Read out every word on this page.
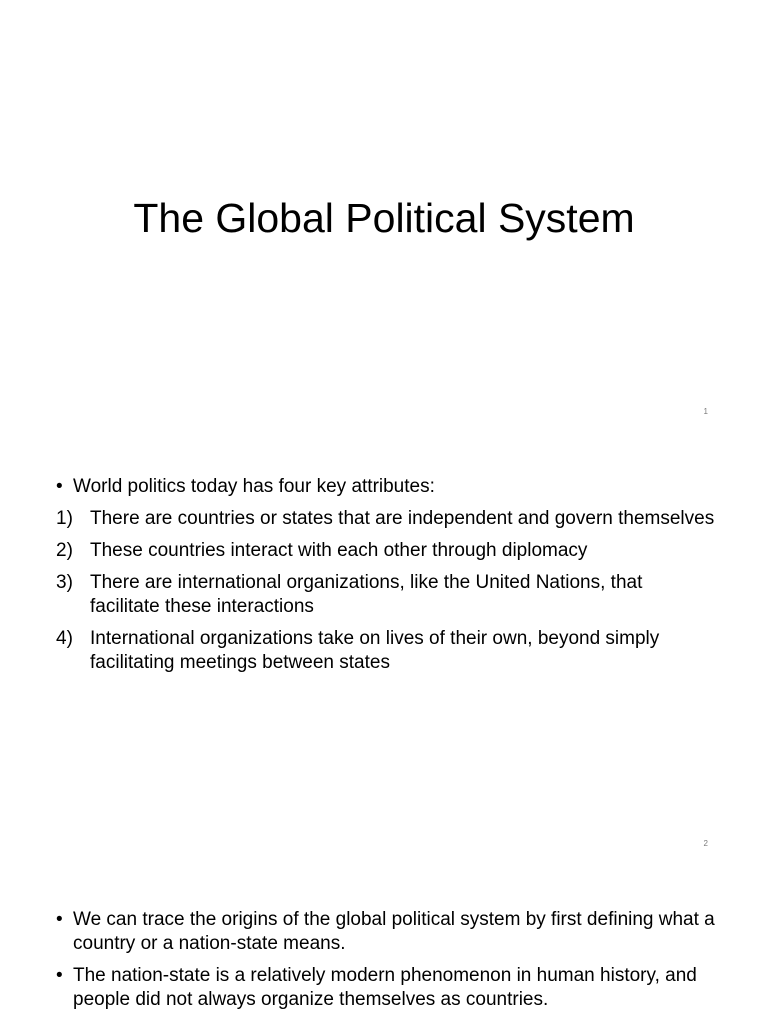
The Global Political System
1
• World politics today has four key attributes:
1) There are countries or states that are independent and govern themselves
2) These countries interact with each other through diplomacy
3) There are international organizations, like the United Nations, that facilitate these interactions
4) International organizations take on lives of their own, beyond simply facilitating meetings between states
2
• We can trace the origins of the global political system by first defining what a country or a nation-state means.
• The nation-state is a relatively modern phenomenon in human history, and people did not always organize themselves as countries.
